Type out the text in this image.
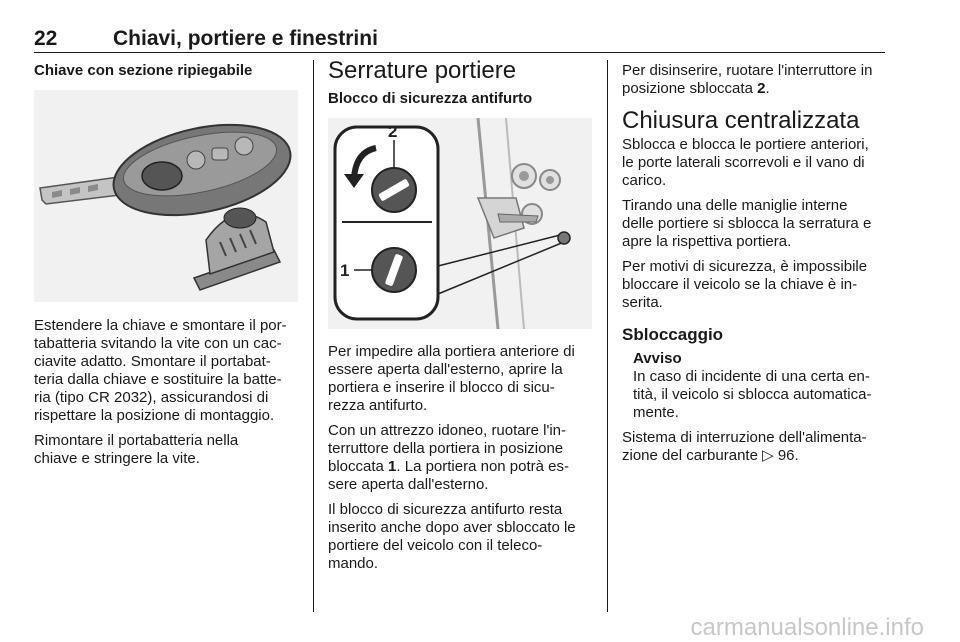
22	Chiavi, portiere e finestrini
Chiave con sezione ripiegabile

Estendere la chiave e smontare il por-
tabatteria svitando la vite con un cac-
ciavite adatto. Smontare il portabat-
teria dalla chiave e sostituire la batte-
ria (tipo CR 2032), assicurandosi di
rispettare la posizione di montaggio.

Rimontare il portabatteria nella
chiave e stringere la vite.

Serrature portiere
Blocco di sicurezza antifurto
2
1

Per impedire alla portiera anteriore di
essere aperta dall'esterno, aprire la
portiera e inserire il blocco di sicu-
rezza antifurto.

Con un attrezzo idoneo, ruotare l'in-
terruttore della portiera in posizione
bloccata 1. La portiera non potrà es-
sere aperta dall'esterno.

Il blocco di sicurezza antifurto resta
inserito anche dopo aver sbloccato le
portiere del veicolo con il teleco-
mando.

Per disinserire, ruotare l'interruttore in
posizione sbloccata 2.

Chiusura centralizzata

Sblocca e blocca le portiere anteriori,
le porte laterali scorrevoli e il vano di
carico.

Tirando una delle maniglie interne
delle portiere si sblocca la serratura e
apre la rispettiva portiera.

Per motivi di sicurezza, è impossibile
bloccare il veicolo se la chiave è in-
serita.

Sbloccaggio
Avviso

In caso di incidente di una certa en-
tità, il veicolo si sblocca automatica-
mente.

Sistema di interruzione dell'alimenta-
zione del carburante ▷ 96.

carmanualsonline.info
